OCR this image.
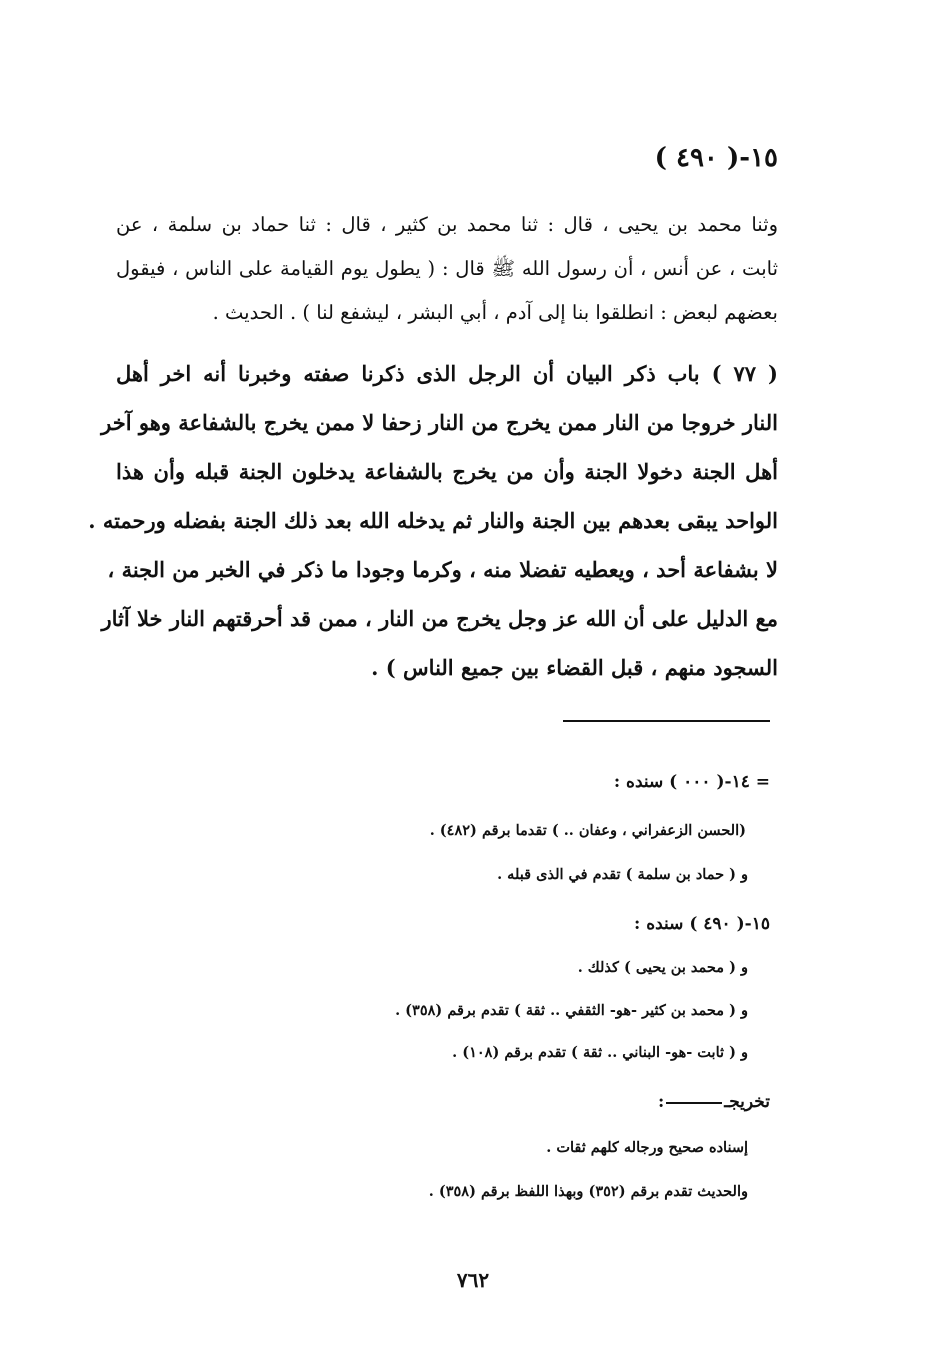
١٥-( ٤٩٠ )
وثنا محمد بن يحيى ، قال : ثنا محمد بن كثير ، قال : ثنا حماد بن سلمة ، عن
ثابت ، عن أنس ، أن رسول الله ﷺ قال : ( يطول يوم القيامة على الناس ، فيقول
بعضهم لبعض : انطلقوا بنا إلى آدم ، أبي البشر ، ليشفع لنا ) . الحديث .
( ٧٧ ) باب ذكر البيان أن الرجل الذى ذكرنا صفته وخبرنا أنه اخر أهل
النار خروجا من النار ممن يخرج من النار زحفا لا ممن يخرج بالشفاعة وهو آخر
أهل الجنة دخولا الجنة وأن من يخرج بالشفاعة يدخلون الجنة قبله وأن هذا
الواحد يبقى بعدهم بين الجنة والنار ثم يدخله الله بعد ذلك الجنة بفضله ورحمته .
لا بشفاعة أحد ، ويعطيه تفضلا منه ، وكرما وجودا ما ذكر في الخبر من الجنة ،
مع الدليل على أن الله عز وجل يخرج من النار ، ممن قد أحرقتهم النار خلا آثار
السجود منهم ، قبل القضاء بين جميع الناس ) .
= ١٤-( ٠٠٠ ) سنده :
(الحسن الزعفراني ، وعفان .. ) تقدما برقم (٤٨٢) .
و ( حماد بن سلمة ) تقدم في الذى قبله .
١٥-( ٤٩٠ ) سنده :
و ( محمد بن يحيى ) كذلك .
و ( محمد بن كثير -هو- الثقفي .. ثقة ) تقدم برقم (٣٥٨) .
و ( ثابت -هو- البناني .. ثقة ) تقدم برقم (١٠٨) .
تخريجـ:
إسناده صحيح ورجاله كلهم ثقات .
والحديث تقدم برقم (٣٥٢) وبهذا اللفظ برقم (٣٥٨) .
٧٦٢
